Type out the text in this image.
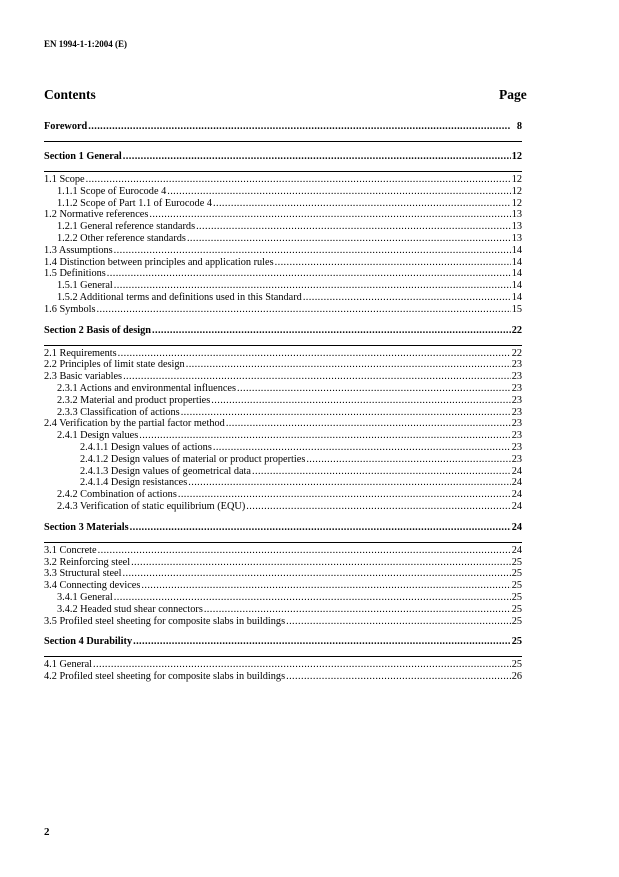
EN 1994-1-1:2004 (E)
Contents	Page
Foreword .....	8
Section 1 General .....	12
1.1 Scope .....	12
1.1.1 Scope of Eurocode 4 .....	12
1.1.2 Scope of Part 1.1 of Eurocode 4 .....	12
1.2 Normative references .....	13
1.2.1 General reference standards .....	13
1.2.2 Other reference standards .....	13
1.3 Assumptions .....	14
1.4 Distinction between principles and application rules .....	14
1.5 Definitions .....	14
1.5.1 General .....	14
1.5.2 Additional terms and definitions used in this Standard .....	14
1.6 Symbols .....	15
Section 2 Basis of design .....	22
2.1 Requirements .....	22
2.2 Principles of limit state design .....	23
2.3 Basic variables .....	23
2.3.1 Actions and environmental influences .....	23
2.3.2 Material and product properties .....	23
2.3.3 Classification of actions .....	23
2.4 Verification by the partial factor method .....	23
2.4.1 Design values .....	23
2.4.1.1 Design values of actions .....	23
2.4.1.2 Design values of material or product properties .....	23
2.4.1.3 Design values of geometrical data .....	24
2.4.1.4 Design resistances .....	24
2.4.2 Combination of actions .....	24
2.4.3 Verification of static equilibrium (EQU) .....	24
Section 3 Materials .....	24
3.1 Concrete .....	24
3.2 Reinforcing steel .....	25
3.3 Structural steel .....	25
3.4 Connecting devices .....	25
3.4.1 General .....	25
3.4.2 Headed stud shear connectors .....	25
3.5 Profiled steel sheeting for composite slabs in buildings .....	25
Section 4 Durability .....	25
4.1 General .....	25
4.2 Profiled steel sheeting for composite slabs in buildings .....	26
2
